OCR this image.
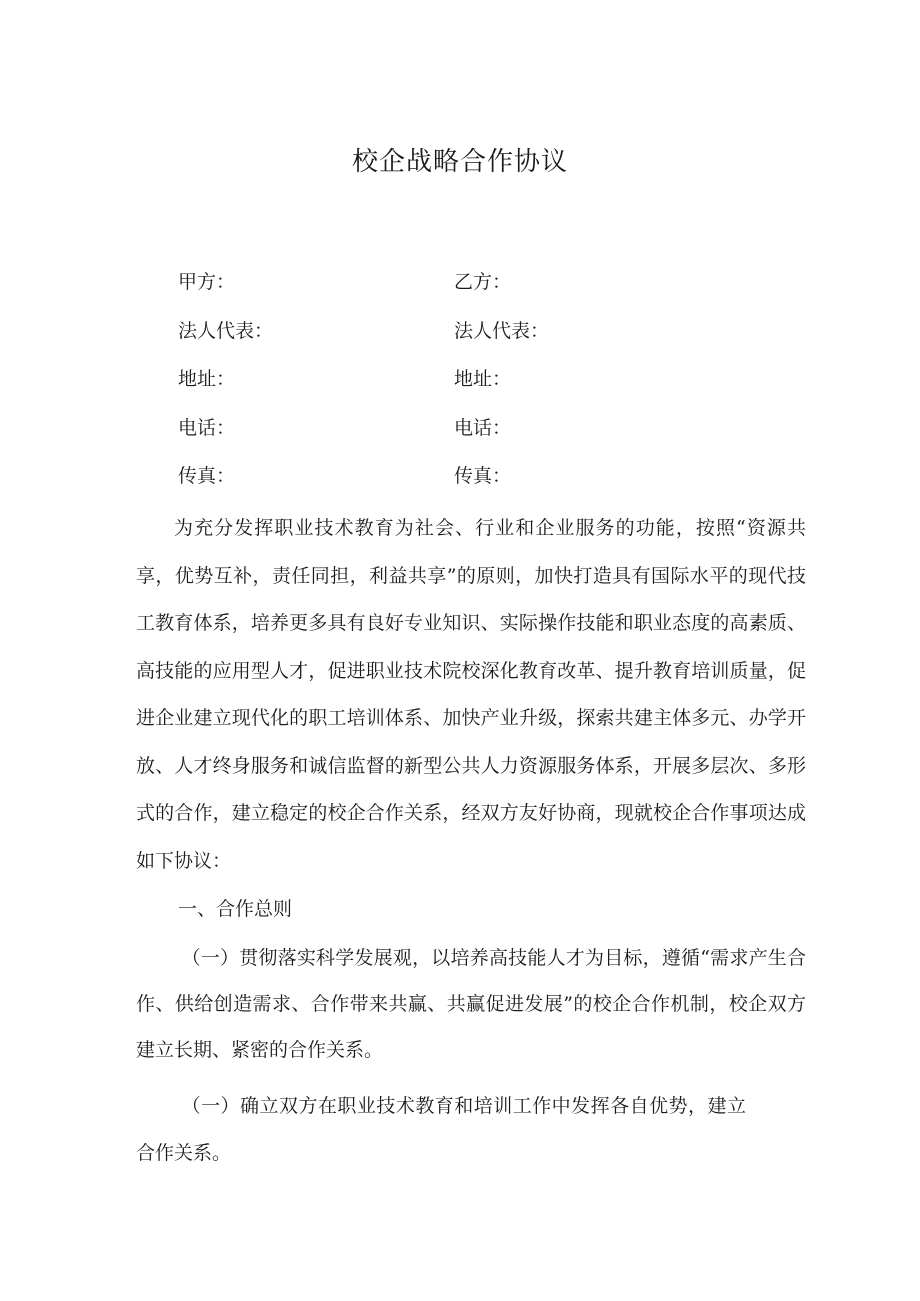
校企战略合作协议
甲方：	乙方：
法人代表：	法人代表：
地址：	地址：
电话：	电话：
传真：	传真：

为充分发挥职业技术教育为社会、行业和企业服务的功能，按照“资源共享，优势互补，责任同担，利益共享”的原则，加快打造具有国际水平的现代技工教育体系，培养更多具有良好专业知识、实际操作技能和职业态度的高素质、高技能的应用型人才，促进职业技术院校深化教育改革、提升教育培训质量，促进企业建立现代化的职工培训体系、加快产业升级，探索共建主体多元、办学开放、人才终身服务和诚信监督的新型公共人力资源服务体系，开展多层次、多形式的合作，建立稳定的校企合作关系，经双方友好协商，现就校企合作事项达成如下协议：

一、合作总则

（一）贯彻落实科学发展观，以培养高技能人才为目标，遵循“需求产生合作、供给创造需求、合作带来共赢、共赢促进发展”的校企合作机制，校企双方建立长期、紧密的合作关系。

（一）确立双方在职业技术教育和培训工作中发挥各自优势，建立合作关系。
